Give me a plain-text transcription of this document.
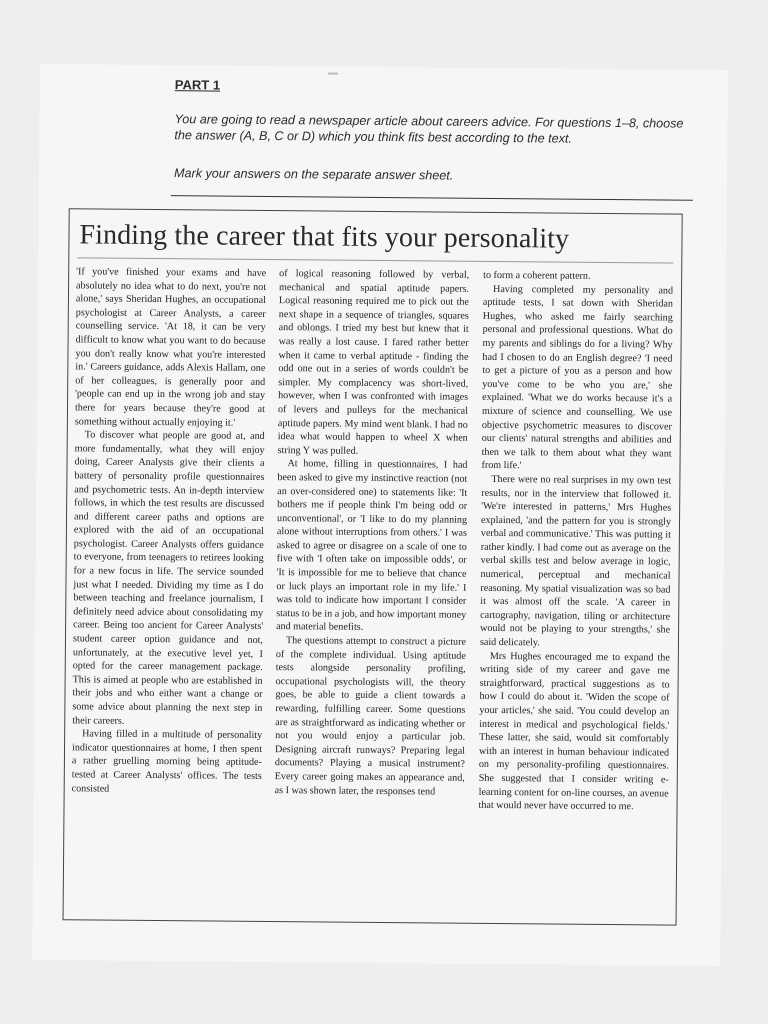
PART 1
You are going to read a newspaper article about careers advice. For questions 1–8, choose the answer (A, B, C or D) which you think fits best according to the text.
Mark your answers on the separate answer sheet.
Finding the career that fits your personality

'If you've finished your exams and have absolutely no idea what to do next, you're not alone,' says Sheridan Hughes, an occupational psychologist at Career Analysts, a career counselling service. 'At 18, it can be very difficult to know what you want to do because you don't really know what you're interested in.' Careers guidance, adds Alexis Hallam, one of her colleagues, is generally poor and 'people can end up in the wrong job and stay there for years because they're good at something without actually enjoying it.'

To discover what people are good at, and more fundamentally, what they will enjoy doing, Career Analysts give their clients a battery of personality profile questionnaires and psychometric tests. An in-depth interview follows, in which the test results are discussed and different career paths and options are explored with the aid of an occupational psychologist. Career Analysts offers guidance to everyone, from teenagers to retirees looking for a new focus in life. The service sounded just what I needed. Dividing my time as I do between teaching and freelance journalism, I definitely need advice about consolidating my career. Being too ancient for Career Analysts' student career option guidance and not, unfortunately, at the executive level yet, I opted for the career management package. This is aimed at people who are established in their jobs and who either want a change or some advice about planning the next step in their careers.

Having filled in a multitude of personality indicator questionnaires at home, I then spent a rather gruelling morning being aptitude-tested at Career Analysts' offices. The tests consisted

of logical reasoning followed by verbal, mechanical and spatial aptitude papers. Logical reasoning required me to pick out the next shape in a sequence of triangles, squares and oblongs. I tried my best but knew that it was really a lost cause. I fared rather better when it came to verbal aptitude - finding the odd one out in a series of words couldn't be simpler. My complacency was short-lived, however, when I was confronted with images of levers and pulleys for the mechanical aptitude papers. My mind went blank. I had no idea what would happen to wheel X when string Y was pulled.

At home, filling in questionnaires, I had been asked to give my instinctive reaction (not an over-considered one) to statements like: 'It bothers me if people think I'm being odd or unconventional', or 'I like to do my planning alone without interruptions from others.' I was asked to agree or disagree on a scale of one to five with 'I often take on impossible odds', or 'It is impossible for me to believe that chance or luck plays an important role in my life.' I was told to indicate how important I consider status to be in a job, and how important money and material benefits.

The questions attempt to construct a picture of the complete individual. Using aptitude tests alongside personality profiling, occupational psychologists will, the theory goes, be able to guide a client towards a rewarding, fulfilling career. Some questions are as straightforward as indicating whether or not you would enjoy a particular job. Designing aircraft runways? Preparing legal documents? Playing a musical instrument? Every career going makes an appearance and, as I was shown later, the responses tend

to form a coherent pattern.

Having completed my personality and aptitude tests, I sat down with Sheridan Hughes, who asked me fairly searching personal and professional questions. What do my parents and siblings do for a living? Why had I chosen to do an English degree? 'I need to get a picture of you as a person and how you've come to be who you are,' she explained. 'What we do works because it's a mixture of science and counselling. We use objective psychometric measures to discover our clients' natural strengths and abilities and then we talk to them about what they want from life.'

There were no real surprises in my own test results, nor in the interview that followed it. 'We're interested in patterns,' Mrs Hughes explained, 'and the pattern for you is strongly verbal and communicative.' This was putting it rather kindly. I had come out as average on the verbal skills test and below average in logic, numerical, perceptual and mechanical reasoning. My spatial visualization was so bad it was almost off the scale. 'A career in cartography, navigation, tiling or architecture would not be playing to your strengths,' she said delicately.

Mrs Hughes encouraged me to expand the writing side of my career and gave me straightforward, practical suggestions as to how I could do about it. 'Widen the scope of your articles,' she said. 'You could develop an interest in medical and psychological fields.' These latter, she said, would sit comfortably with an interest in human behaviour indicated on my personality-profiling questionnaires. She suggested that I consider writing e-learning content for on-line courses, an avenue that would never have occurred to me.
